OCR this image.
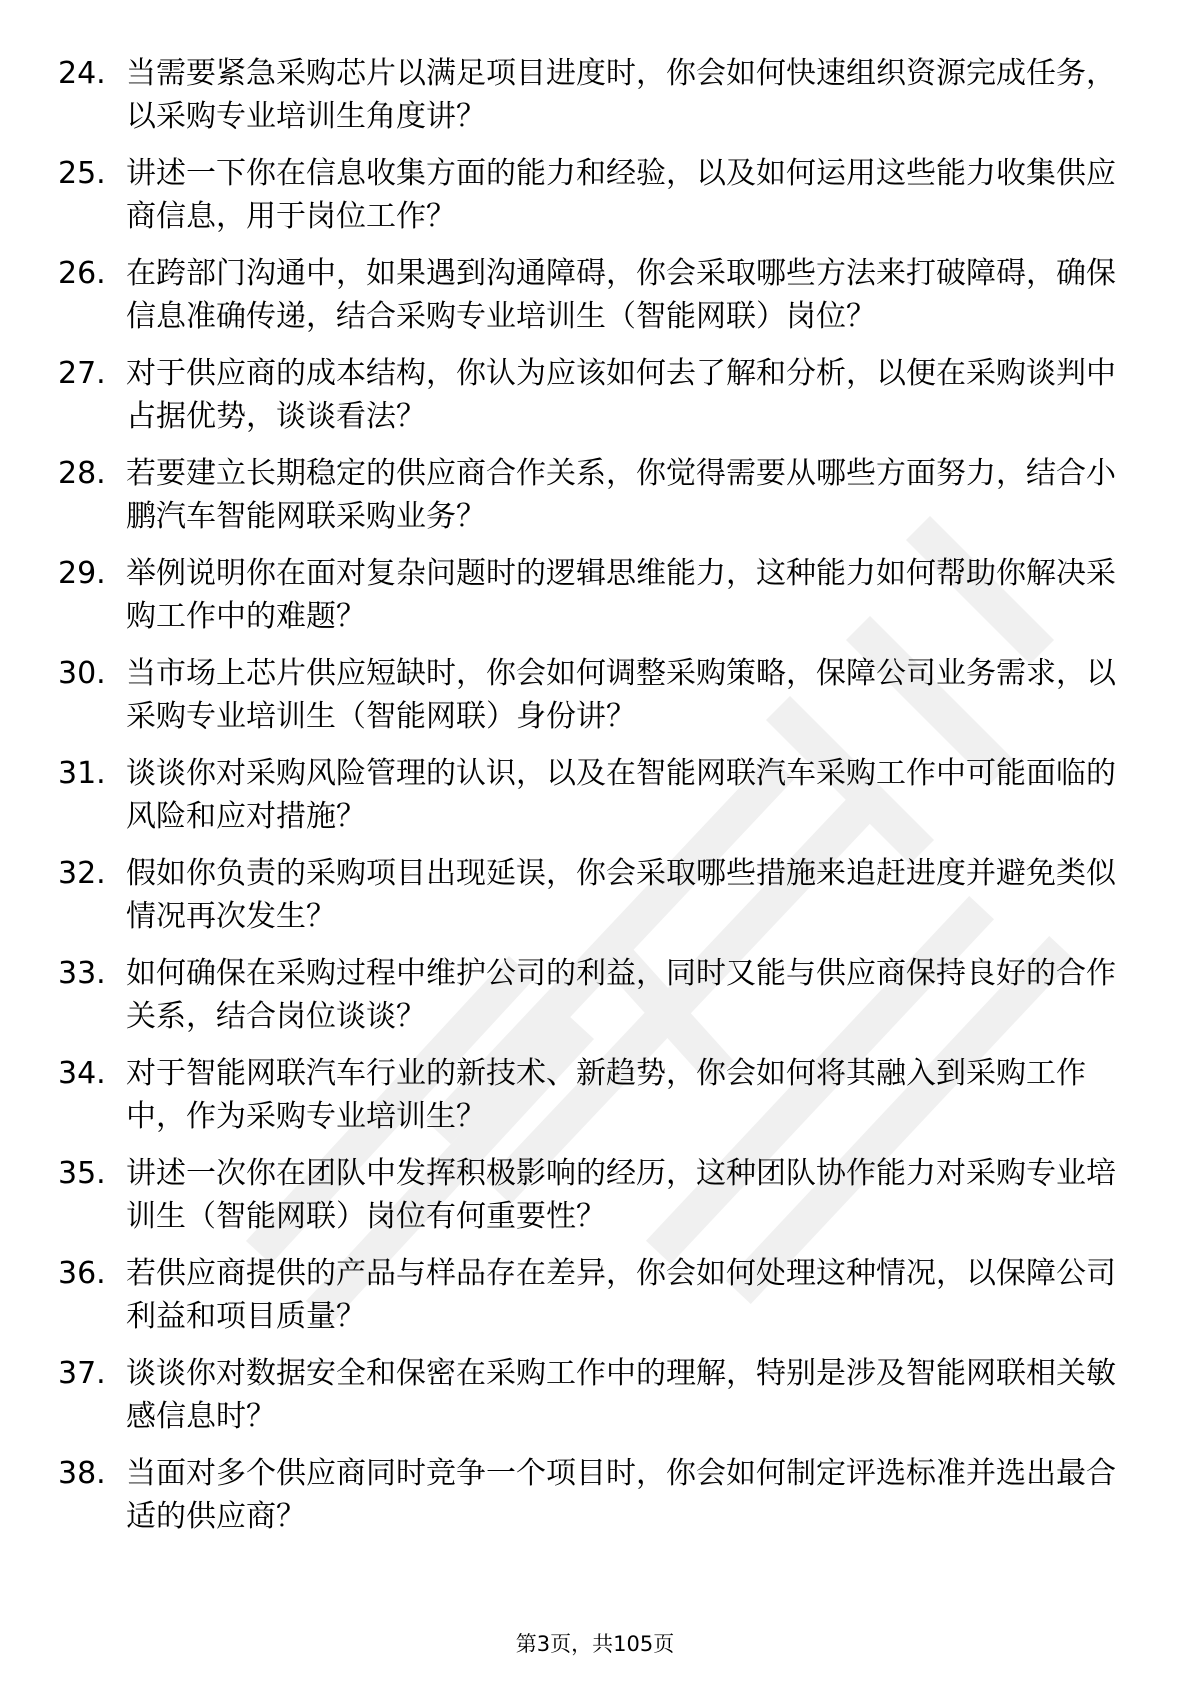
24. 当需要紧急采购芯片以满足项目进度时，你会如何快速组织资源完成任务，以采购专业培训生角度讲？
25. 讲述一下你在信息收集方面的能力和经验，以及如何运用这些能力收集供应商信息，用于岗位工作？
26. 在跨部门沟通中，如果遇到沟通障碍，你会采取哪些方法来打破障碍，确保信息准确传递，结合采购专业培训生（智能网联）岗位？
27. 对于供应商的成本结构，你认为应该如何去了解和分析，以便在采购谈判中占据优势，谈谈看法？
28. 若要建立长期稳定的供应商合作关系，你觉得需要从哪些方面努力，结合小鹏汽车智能网联采购业务？
29. 举例说明你在面对复杂问题时的逻辑思维能力，这种能力如何帮助你解决采购工作中的难题？
30. 当市场上芯片供应短缺时，你会如何调整采购策略，保障公司业务需求，以采购专业培训生（智能网联）身份讲？
31. 谈谈你对采购风险管理的认识，以及在智能网联汽车采购工作中可能面临的风险和应对措施？
32. 假如你负责的采购项目出现延误，你会采取哪些措施来追赶进度并避免类似情况再次发生？
33. 如何确保在采购过程中维护公司的利益，同时又能与供应商保持良好的合作关系，结合岗位谈谈？
34. 对于智能网联汽车行业的新技术、新趋势，你会如何将其融入到采购工作中，作为采购专业培训生？
35. 讲述一次你在团队中发挥积极影响的经历，这种团队协作能力对采购专业培训生（智能网联）岗位有何重要性？
36. 若供应商提供的产品与样品存在差异，你会如何处理这种情况，以保障公司利益和项目质量？
37. 谈谈你对数据安全和保密在采购工作中的理解，特别是涉及智能网联相关敏感信息时？
38. 当面对多个供应商同时竞争一个项目时，你会如何制定评选标准并选出最合适的供应商？
第3页，共105页
